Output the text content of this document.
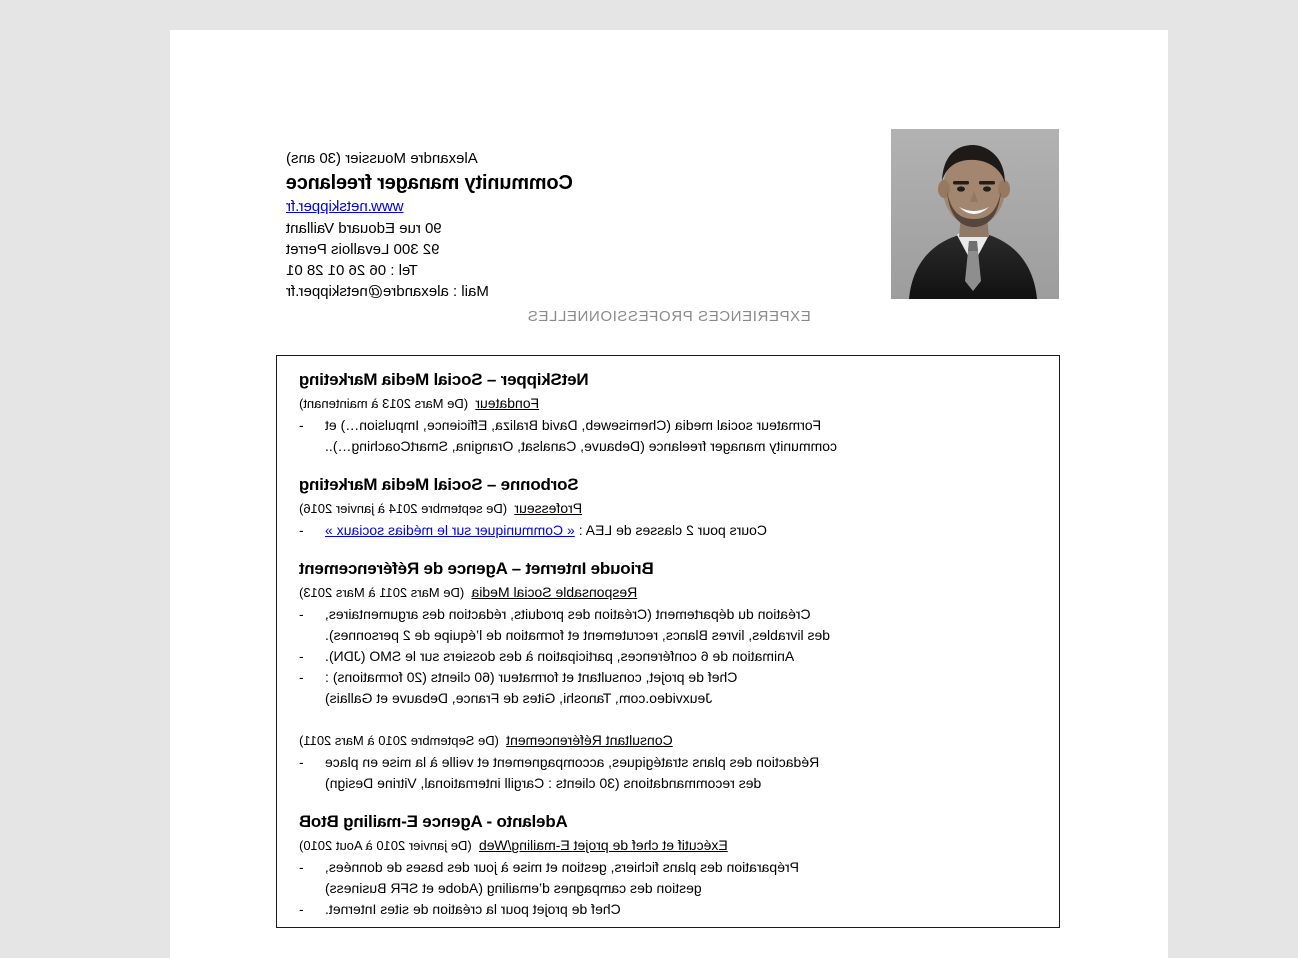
Alexandre Moussier (30 ans)
Community manager freelance
www.netskipper.fr
90 rue Edouard Vaillant
92 300 Levallois Perret
Tel : 06 26 01 28 01
Mail : alexandre@netskipper.fr
EXPERIENCES PROFESSIONNELLES
NetSkipper – Social Media Marketing
Fondateur  (De Mars 2013 à maintenant)
- Formateur social media (Chemiseweb, David Braliza, Efficience, Impulsion…) et
community manager freelance (Debauve, Canalsat, Orangina, SmartCoaching…)..
Sorbonne – Social Media Marketing
Professeur  (De septembre 2014 à janvier 2016)
-	Cours pour 2 classes de LEA : « Communiquer sur le médias sociaux »
Brioude Internet – Agence de Référencement
Responsable Social Media  (De Mars 2011 à Mars 2013)
- Création du département (Création des produits, rédaction des argumentaires,
des livrables, livres Blancs, recrutement et formation de l’équipe de 2 personnes).
- Animation de 6 conférences, participation à des dossiers sur le SMO (JDN).
- Chef de projet, consultant et formateur (60 clients (20 formations) :
Jeuxvideo.com, Tanoshi, Gites de France, Debauve et Gallais)
Consultant Référencement  (De Septembre 2010 à Mars 2011)
- Rédaction des plans stratégiques, accompagnement et veille à la mise en place
des recommandations (30 clients : Cargill international, Vitrine Design)
Adelanto - Agence E-mailing BtoB
Exécutif et chef de projet E-mailing/Web  (De janvier 2010 à Aout 2010)
- Préparation des plans fichiers, gestion et mise à jour des bases de données,
gestion des campagnes d’emailing (Adobe et SFR Business)
- Chef de projet pour la création de sites Internet.
